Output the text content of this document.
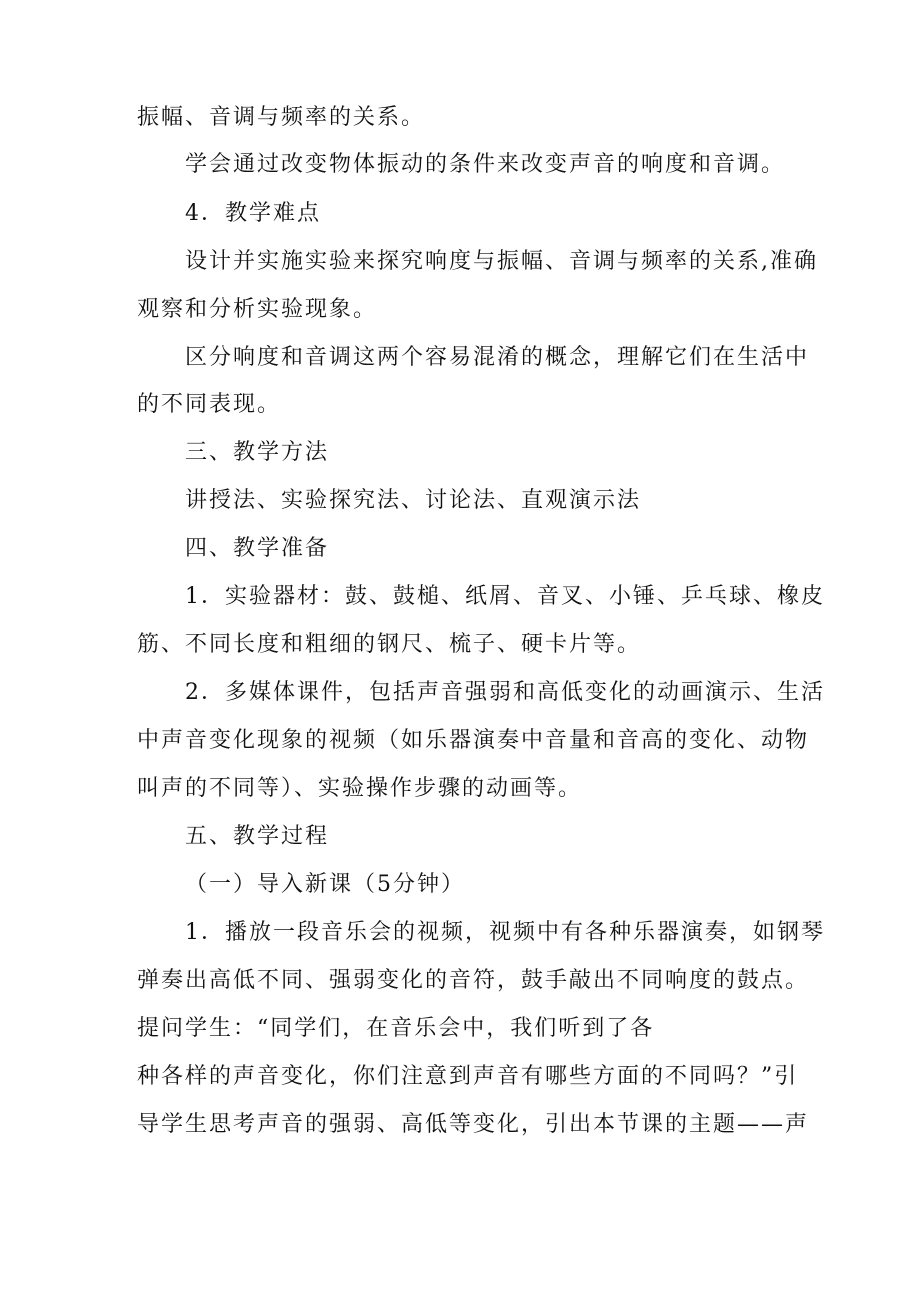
振幅、音调与频率的关系。
学会通过改变物体振动的条件来改变声音的响度和音调。
4．教学难点
设计并实施实验来探究响度与振幅、音调与频率的关系,准确
观察和分析实验现象。
区分响度和音调这两个容易混淆的概念，理解它们在生活中
的不同表现。
三、教学方法
讲授法、实验探究法、讨论法、直观演示法
四、教学准备
1．实验器材：鼓、鼓槌、纸屑、音叉、小锤、乒乓球、橡皮
筋、不同长度和粗细的钢尺、梳子、硬卡片等。
2．多媒体课件，包括声音强弱和高低变化的动画演示、生活
中声音变化现象的视频（如乐器演奏中音量和音高的变化、动物
叫声的不同等）、实验操作步骤的动画等。
五、教学过程
（一）导入新课（5分钟）
1．播放一段音乐会的视频，视频中有各种乐器演奏，如钢琴
弹奏出高低不同、强弱变化的音符，鼓手敲出不同响度的鼓点。
提问学生：“同学们，在音乐会中，我们听到了各
种各样的声音变化，你们注意到声音有哪些方面的不同吗？”引
导学生思考声音的强弱、高低等变化，引出本节课的主题——声
